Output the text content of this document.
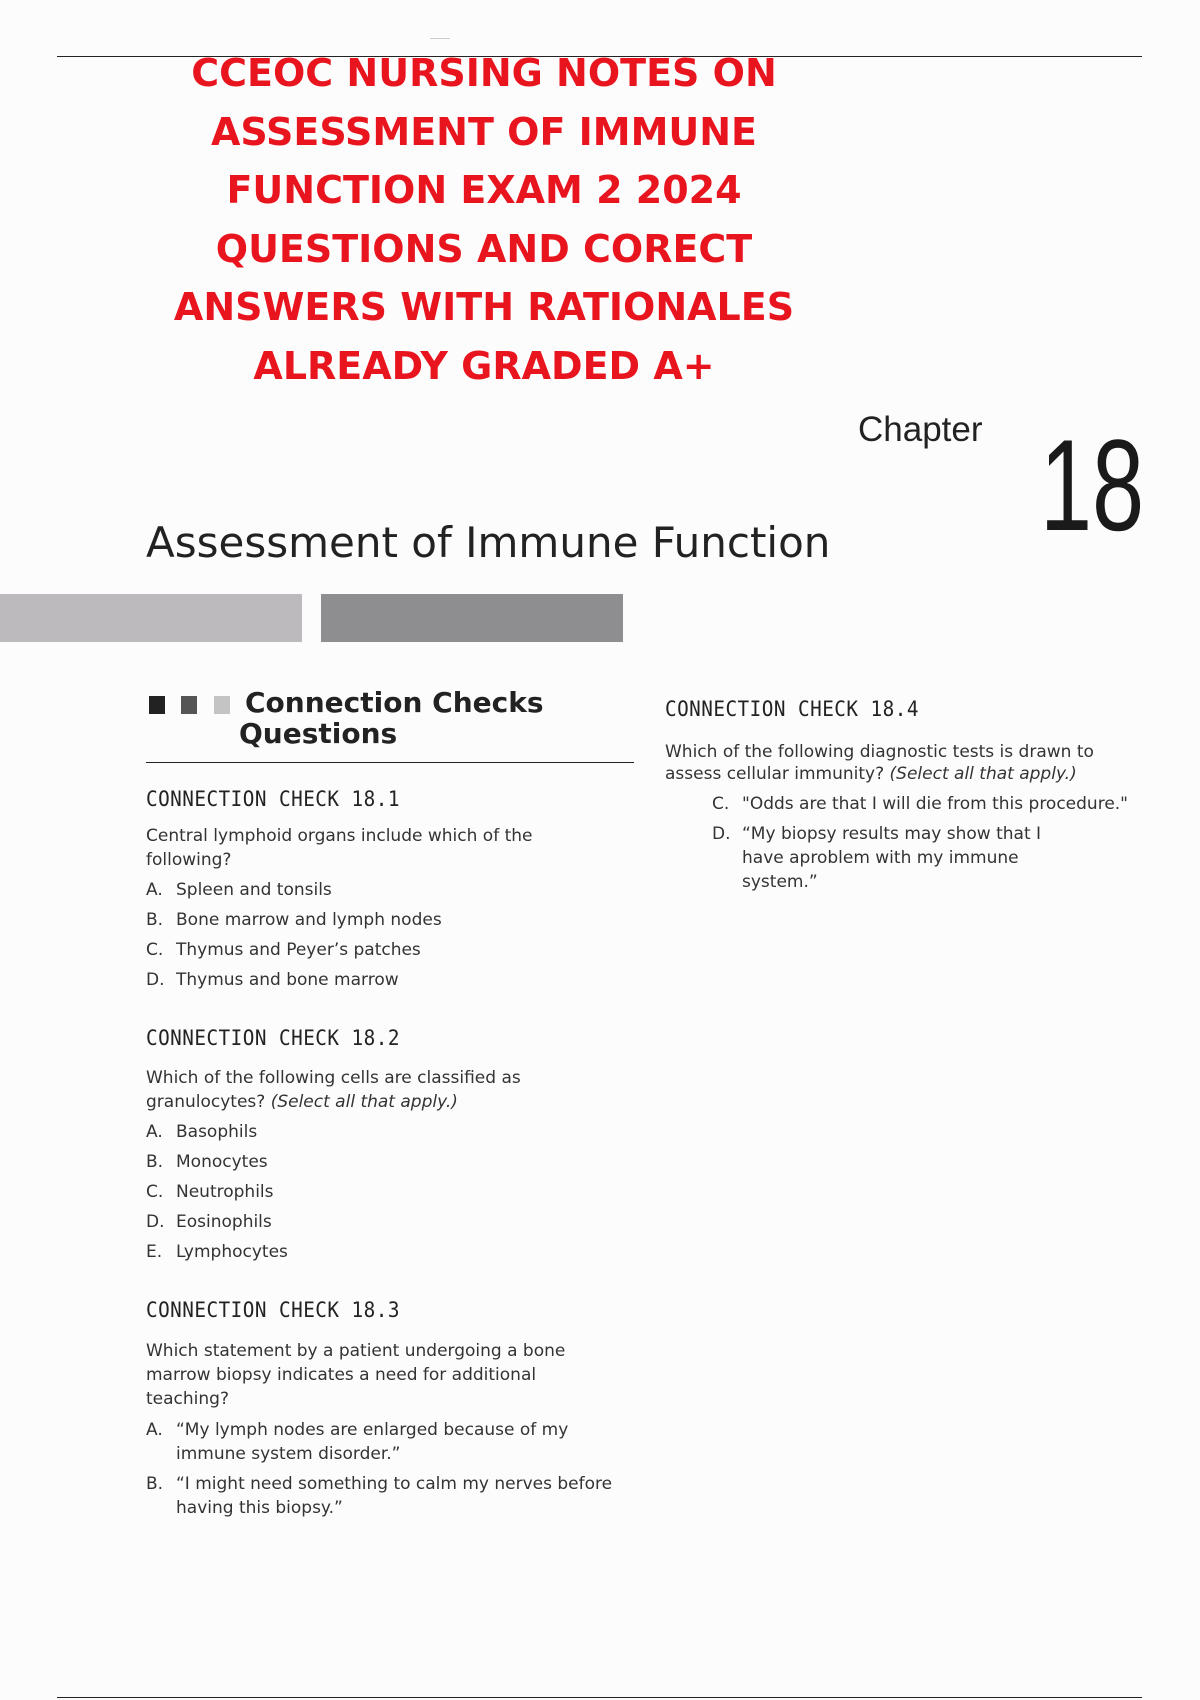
CCEOC NURSING NOTES ON
ASSESSMENT OF IMMUNE
FUNCTION EXAM 2 2024
QUESTIONS AND CORECT
ANSWERS WITH RATIONALES
ALREADY GRADED A+
Chapter 18
Assessment of Immune Function
Connection Checks
Questions
CONNECTION CHECK 18.1
Central lymphoid organs include which of the
following?
A. Spleen and tonsils
B. Bone marrow and lymph nodes
C. Thymus and Peyer’s patches
D. Thymus and bone marrow
CONNECTION CHECK 18.2
Which of the following cells are classified as
granulocytes? (Select all that apply.)
A. Basophils
B. Monocytes
C. Neutrophils
D. Eosinophils
E. Lymphocytes
CONNECTION CHECK 18.3
Which statement by a patient undergoing a bone
marrow biopsy indicates a need for additional
teaching?
A. “My lymph nodes are enlarged because of my
immune system disorder.”
B. “I might need something to calm my nerves before
having this biopsy.”
CONNECTION CHECK 18.4
Which of the following diagnostic tests is drawn to
assess cellular immunity? (Select all that apply.)
C. "Odds are that I will die from this procedure."
D. “My biopsy results may show that I
have aproblem with my immune
system.”
